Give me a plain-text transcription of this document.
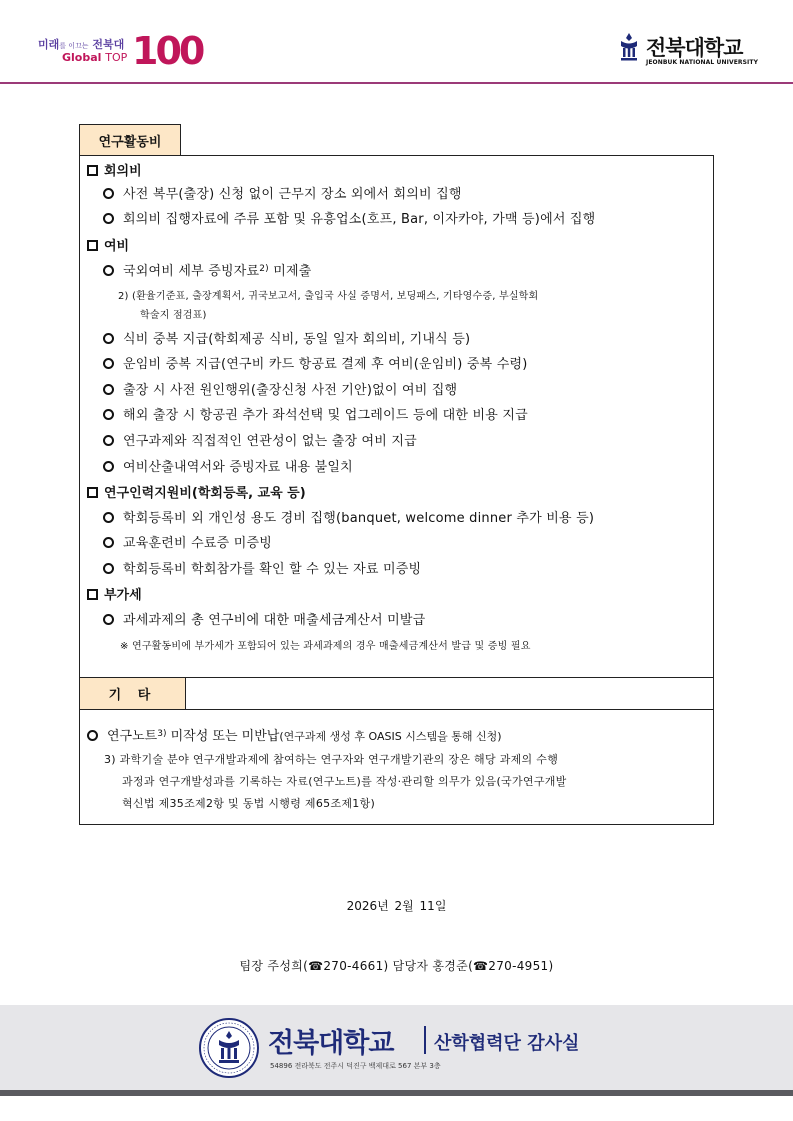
미래를 이끄는 전북대
Global TOP 100	전북대학교
JEONBUK NATIONAL UNIVERSITY
연구활동비
회의비
사전 복무(출장) 신청 없이 근무지 장소 외에서 회의비 집행
회의비 집행자료에 주류 포함 및 유흥업소(호프, Bar, 이자카야, 가맥 등)에서 집행
여비
국외여비 세부 증빙자료$^{2)}$ 미제출
2) (환율기준표, 출장계획서, 귀국보고서, 출입국 사실 증명서, 보딩패스, 기타영수증, 부실학회
학술지 점검표)
식비 중복 지급(학회제공 식비, 동일 일자 회의비, 기내식 등)
운임비 중복 지급(연구비 카드 항공료 결제 후 여비(운임비) 중복 수령)
출장 시 사전 원인행위(출장신청 사전 기안)없이 여비 집행
해외 출장 시 항공권 추가 좌석선택 및 업그레이드 등에 대한 비용 지급
연구과제와 직접적인 연관성이 없는 출장 여비 지급
여비산출내역서와 증빙자료 내용 불일치
연구인력지원비(학회등록, 교육 등)
학회등록비 외 개인성 용도 경비 집행(banquet, welcome dinner 추가 비용 등)
교육훈련비 수료증 미증빙
학회등록비 학회참가를 확인 할 수 있는 자료 미증빙
부가세
과세과제의 총 연구비에 대한 매출세금계산서 미발급
※ 연구활동비에 부가세가 포함되어 있는 과세과제의 경우 매출세금계산서 발급 및 증빙 필요
기 타
연구노트$^{3)}$ 미작성 또는 미반납(연구과제 생성 후 OASIS 시스템을 통해 신청)
3) 과학기술 분야 연구개발과제에 참여하는 연구자와 연구개발기관의 장은 해당 과제의 수행
과정과 연구개발성과를 기록하는 자료(연구노트)를 작성·관리할 의무가 있음(국가연구개발
혁신법 제35조제2항 및 동법 시행령 제65조제1항)
2026년 2월 11일
팀장 주성희(☎270-4661) 담당자 홍경준(☎270-4951)
전북대학교 산학협력단 감사실
54896 전라북도 전주시 덕진구 백제대로 567 본부 3층
